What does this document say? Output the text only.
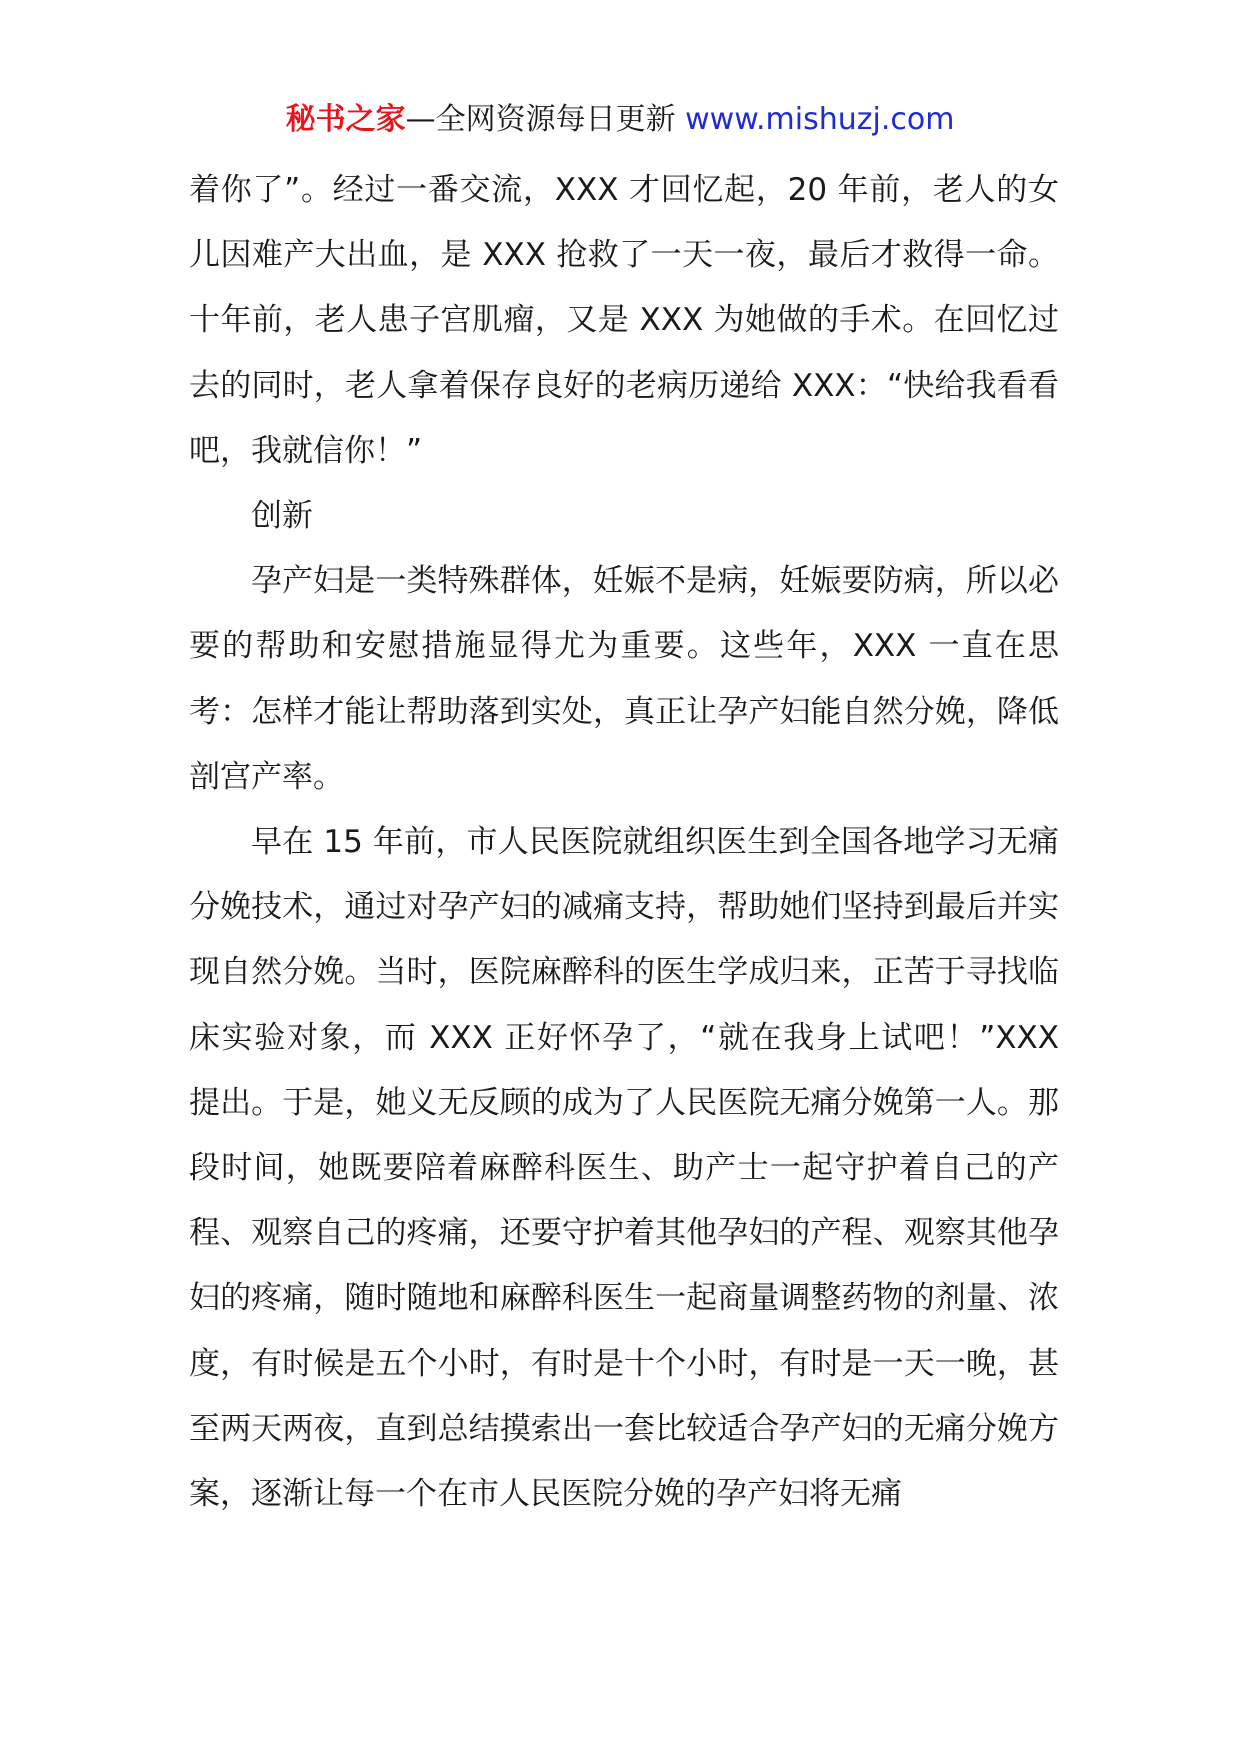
秘书之家—全网资源每日更新 www.mishuzj.com

着你了”。经过一番交流，XXX 才回忆起，20 年前，老人的女儿因难产大出血，是 XXX 抢救了一天一夜，最后才救得一命。十年前，老人患子宫肌瘤，又是 XXX 为她做的手术。在回忆过去的同时，老人拿着保存良好的老病历递给 XXX：“快给我看看吧，我就信你！”

创新

孕产妇是一类特殊群体，妊娠不是病，妊娠要防病，所以必要的帮助和安慰措施显得尤为重要。这些年，XXX 一直在思考：怎样才能让帮助落到实处，真正让孕产妇能自然分娩，降低剖宫产率。

早在 15 年前，市人民医院就组织医生到全国各地学习无痛分娩技术，通过对孕产妇的减痛支持，帮助她们坚持到最后并实现自然分娩。当时，医院麻醉科的医生学成归来，正苦于寻找临床实验对象，而 XXX 正好怀孕了，“就在我身上试吧！”XXX 提出。于是，她义无反顾的成为了人民医院无痛分娩第一人。那段时间，她既要陪着麻醉科医生、助产士一起守护着自己的产程、观察自己的疼痛，还要守护着其他孕妇的产程、观察其他孕妇的疼痛，随时随地和麻醉科医生一起商量调整药物的剂量、浓度，有时候是五个小时，有时是十个小时，有时是一天一晚，甚至两天两夜，直到总结摸索出一套比较适合孕产妇的无痛分娩方案，逐渐让每一个在市人民医院分娩的孕产妇将无痛
